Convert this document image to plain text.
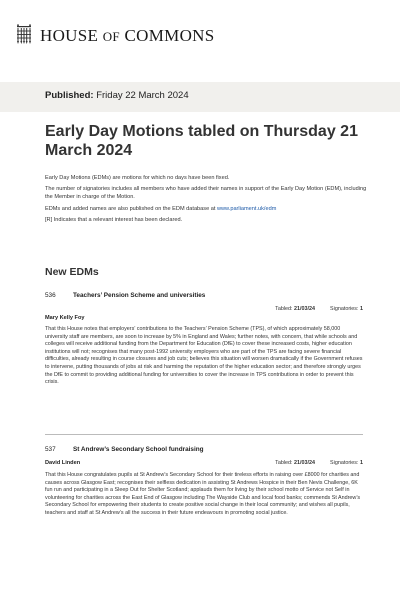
HOUSE OF COMMONS
Published: Friday 22 March 2024
Early Day Motions tabled on Thursday 21 March 2024

Early Day Motions (EDMs) are motions for which no days have been fixed.

The number of signatories includes all members who have added their names in support of the Early Day Motion (EDM), including the Member in charge of the Motion.

EDMs and added names are also published on the EDM database at www.parliament.uk/edm

[R] Indicates that a relevant interest has been declared.

New EDMs
536	Teachers’ Pension Scheme and universities
Tabled: 21/03/24	Signatories: 1
Mary Kelly Foy
That this House notes that employers’ contributions to the Teachers’ Pension Scheme (TPS), of which approximately 58,000 university staff are members, are soon to increase by 5% in England and Wales; further notes, with concern, that while schools and colleges will receive additional funding from the Department for Education (DfE) to cover these increased costs, higher education institutions will not; recognises that many post-1992 university employers who are part of the TPS are facing severe financial difficulties, already resulting in course closures and job cuts; believes this situation will worsen dramatically if the Government refuses to intervene, putting thousands of jobs at risk and harming the reputation of the higher education sector; and therefore strongly urges the DfE to commit to providing additional funding for universities to cover the increase in TPS contributions in order to prevent this crisis.
537	St Andrew’s Secondary School fundraising
David Linden	Tabled: 21/03/24	Signatories: 1
That this House congratulates pupils at St Andrew’s Secondary School for their tireless efforts in raising over £8000 for charities and causes across Glasgow East; recognises their selfless dedication in assisting St Andrews Hospice in their Ben Nevis Challenge, 6K fun run and participating in a Sleep Out for Shelter Scotland; applauds them for living by their school motto of Service not Self in volunteering for charities across the East End of Glasgow including The Wayside Club and local food banks; commends St Andrew’s Secondary School for empowering their students to create positive social change in their local community; and wishes all pupils, teachers and staff at St Andrew’s all the success in their future endeavours in promoting social justice.
